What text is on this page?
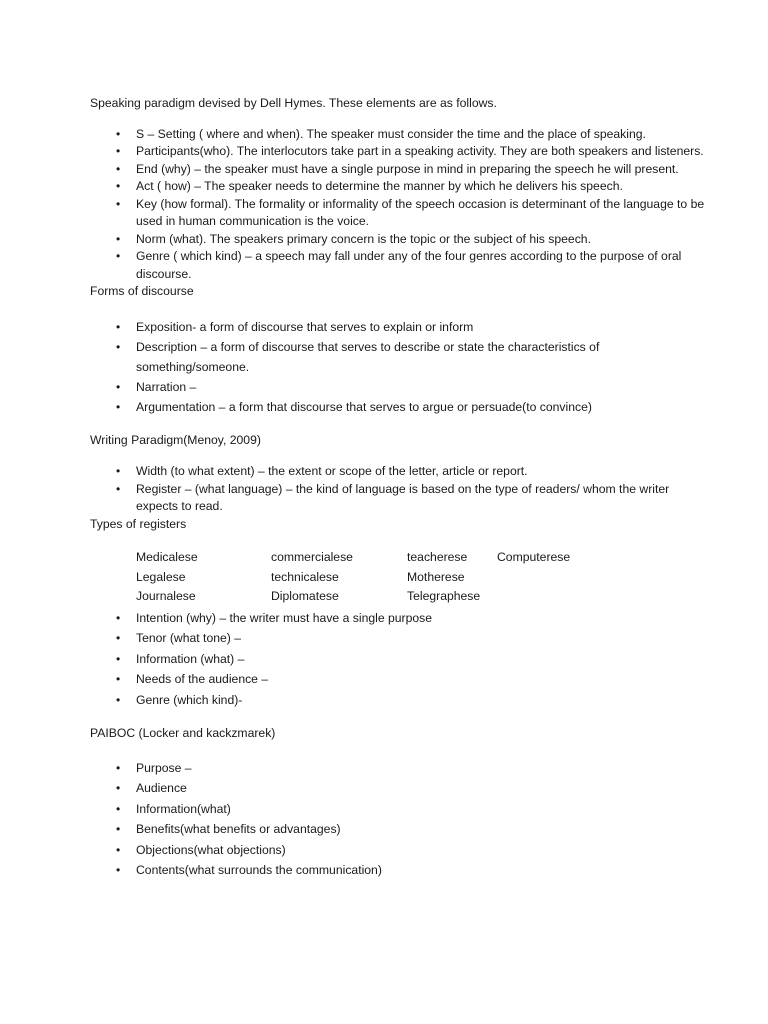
Speaking paradigm devised by Dell Hymes. These elements are as follows.

• S – Setting ( where and when). The speaker must consider the time and the place of speaking.
• Participants(who). The interlocutors take part in a speaking activity. They are both speakers and listeners.
• End (why) – the speaker must have a single purpose in mind in preparing the speech he will present.
• Act ( how) – The speaker needs to determine the manner by which he delivers his speech.
• Key (how formal). The formality or informality of the speech occasion is determinant of the language to be used in human communication is the voice.
• Norm (what). The speakers primary concern is the topic or the subject of his speech.
• Genre ( which kind) – a speech may fall under any of the four genres according to the purpose of oral discourse.

Forms of discourse

• Exposition- a form of discourse that serves to explain or inform
• Description – a form of discourse that serves to describe or state the characteristics of something/someone.
• Narration –
• Argumentation – a form that discourse that serves to argue or persuade(to convince)

Writing Paradigm(Menoy, 2009)

• Width (to what extent) – the extent or scope of the letter, article or report.
• Register – (what language) – the kind of language is based on the type of readers/ whom the writer expects to read.

Types of registers

Medicalese	commercialese	teacherese	Computerese
Legalese	technicalese	Motherese
Journalese	Diplomatese	Telegraphese
• Intention (why) – the writer must have a single purpose
• Tenor (what tone) –
• Information (what) –
• Needs of the audience –
• Genre (which kind)-

PAIBOC (Locker and kackzmarek)

• Purpose –
• Audience
• Information(what)
• Benefits(what benefits or advantages)
• Objections(what objections)
• Contents(what surrounds the communication)
